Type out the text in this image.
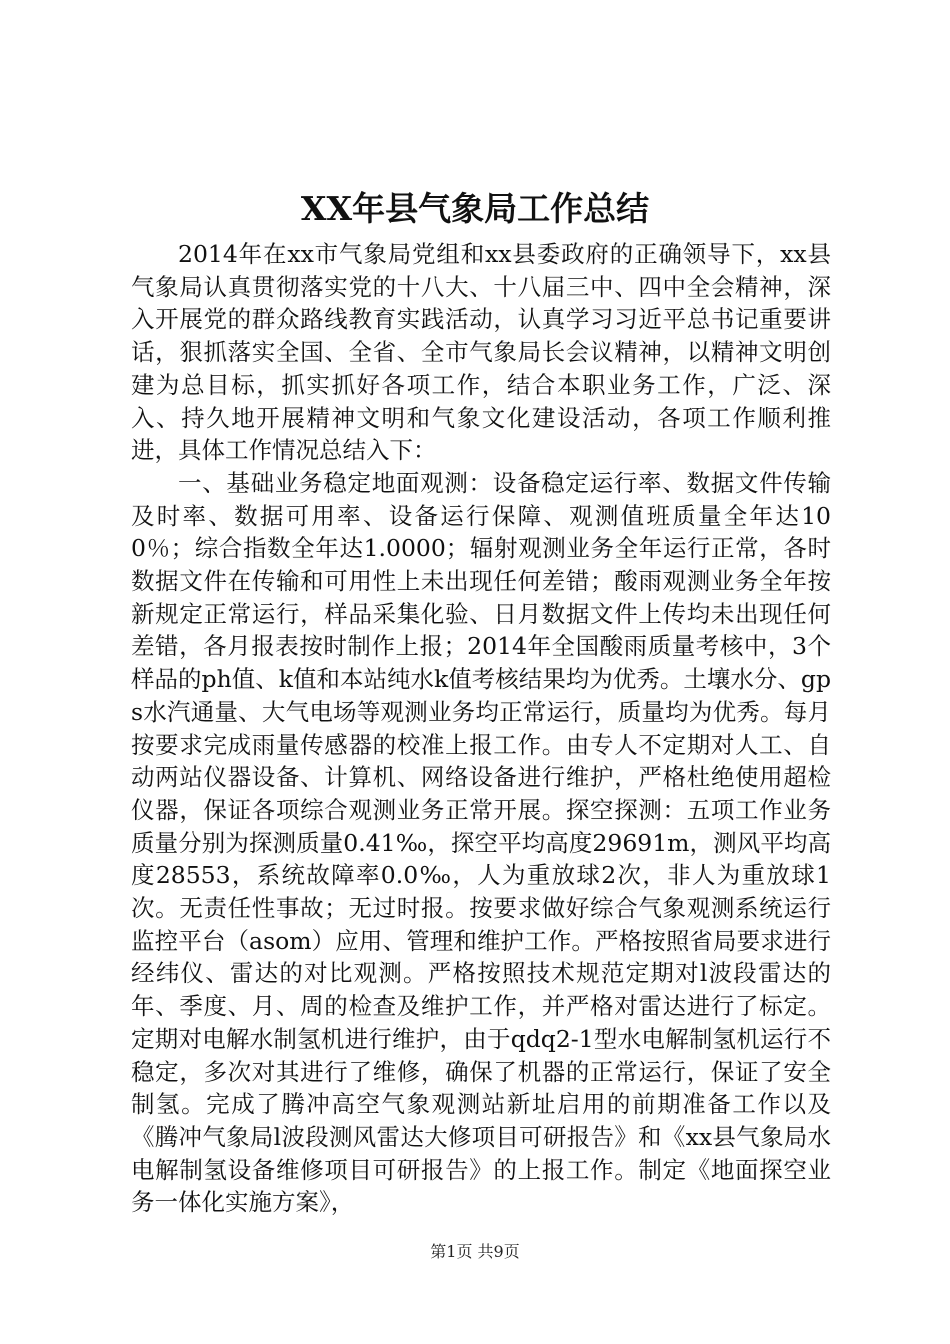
XX年县气象局工作总结

2014年在xx市气象局党组和xx县委政府的正确领导下，xx县气象局认真贯彻落实党的十八大、十八届三中、四中全会精神，深入开展党的群众路线教育实践活动，认真学习习近平总书记重要讲话，狠抓落实全国、全省、全市气象局长会议精神，以精神文明创建为总目标，抓实抓好各项工作，结合本职业务工作，广泛、深入、持久地开展精神文明和气象文化建设活动，各项工作顺利推进，具体工作情况总结入下：

一、基础业务稳定地面观测：设备稳定运行率、数据文件传输及时率、数据可用率、设备运行保障、观测值班质量全年达100％；综合指数全年达1.0000；辐射观测业务全年运行正常，各时数据文件在传输和可用性上未出现任何差错；酸雨观测业务全年按新规定正常运行，样品采集化验、日月数据文件上传均未出现任何差错，各月报表按时制作上报；2014年全国酸雨质量考核中，3个样品的ph值、k值和本站纯水k值考核结果均为优秀。土壤水分、gps水汽通量、大气电场等观测业务均正常运行，质量均为优秀。每月按要求完成雨量传感器的校准上报工作。由专人不定期对人工、自动两站仪器设备、计算机、网络设备进行维护，严格杜绝使用超检仪器，保证各项综合观测业务正常开展。探空探测：五项工作业务质量分别为探测质量0.41‰，探空平均高度29691m，测风平均高度28553，系统故障率0.0‰，人为重放球2次，非人为重放球1次。无责任性事故；无过时报。按要求做好综合气象观测系统运行监控平台（asom）应用、管理和维护工作。严格按照省局要求进行经纬仪、雷达的对比观测。严格按照技术规范定期对l波段雷达的年、季度、月、周的检查及维护工作，并严格对雷达进行了标定。定期对电解水制氢机进行维护，由于qdq2-1型水电解制氢机运行不稳定，多次对其进行了维修，确保了机器的正常运行，保证了安全制氢。完成了腾冲高空气象观测站新址启用的前期准备工作以及《腾冲气象局l波段测风雷达大修项目可研报告》和《xx县气象局水电解制氢设备维修项目可研报告》的上报工作。制定《地面探空业务一体化实施方案》，

第1页 共9页
